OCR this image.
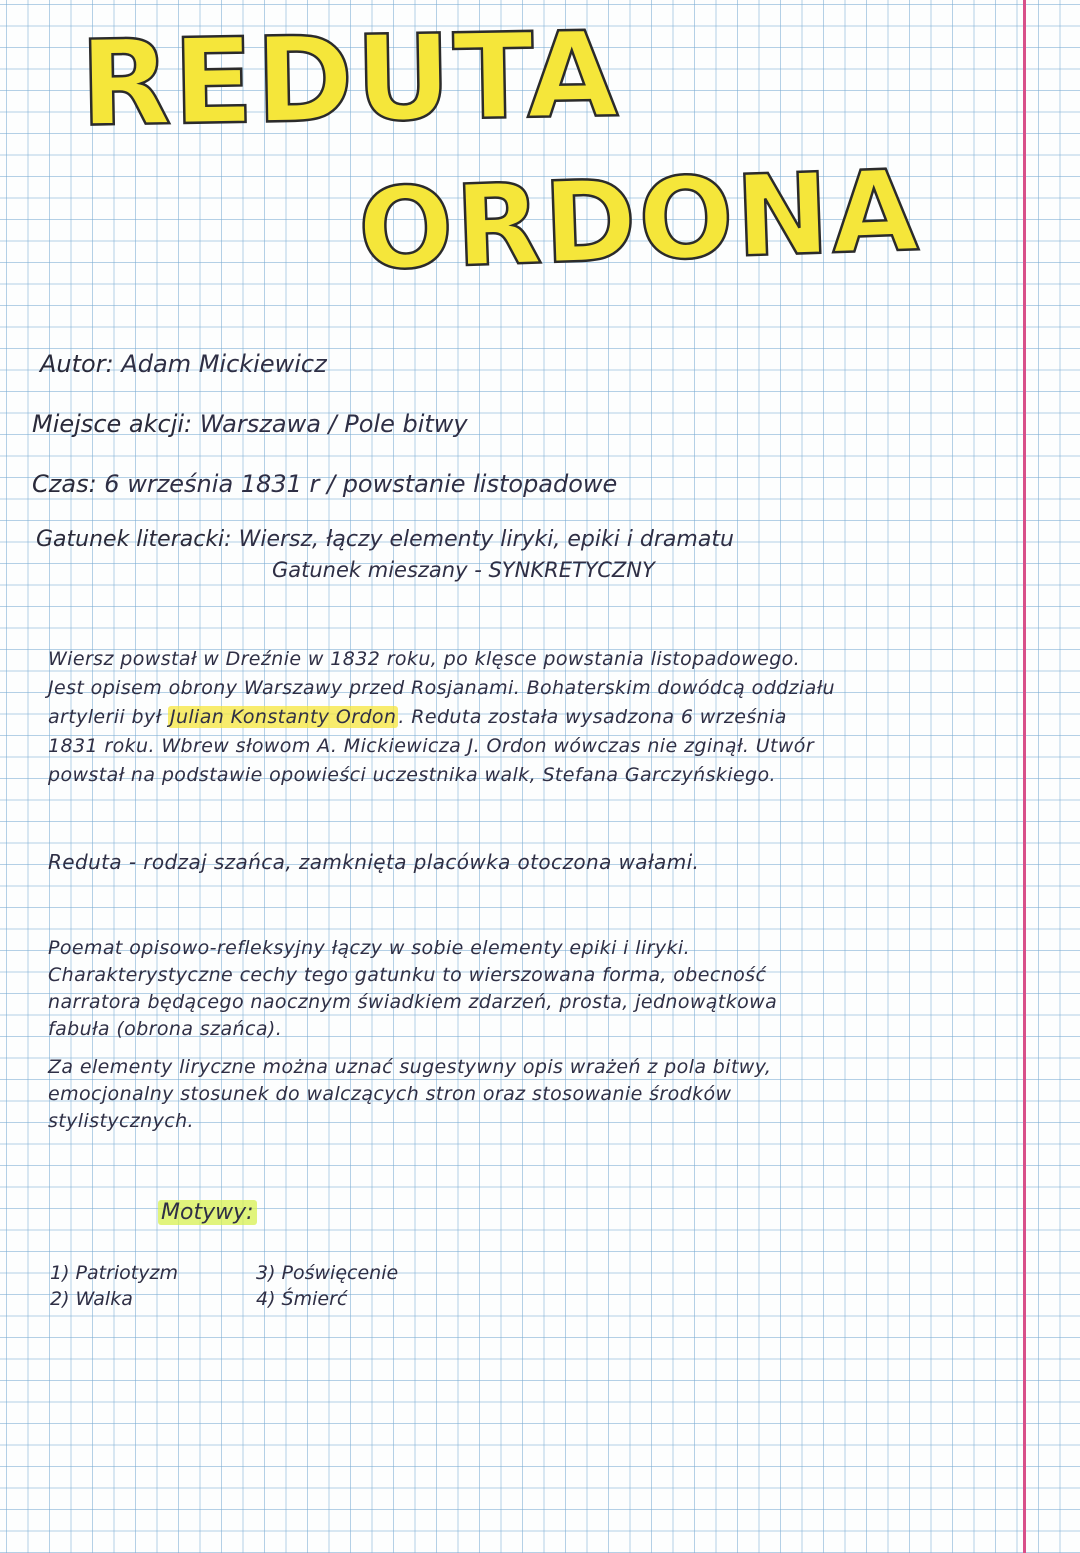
REDUTA
ORDONA
Autor: Adam Mickiewicz
Miejsce akcji: Warszawa / Pole bitwy
Czas: 6 września 1831 r / powstanie listopadowe
Gatunek literacki: Wiersz, łączy elementy liryki, epiki i dramatu
Gatunek mieszany - SYNKRETYCZNY
Wiersz powstał w Dreźnie w 1832 roku, po klęsce powstania listopadowego.
Jest opisem obrony Warszawy przed Rosjanami. Bohaterskim dowódcą oddziału
artylerii był Julian Konstanty Ordon . Reduta została wysadzona 6 września
1831 roku. Wbrew słowom A. Mickiewicza J. Ordon wówczas nie zginął. Utwór
powstał na podstawie opowieści uczestnika walk, Stefana Garczyńskiego.
Reduta - rodzaj szańca, zamknięta placówka otoczona wałami.
Poemat opisowo-refleksyjny łączy w sobie elementy epiki i liryki.
Charakterystyczne cechy tego gatunku to wierszowana forma, obecność
narratora będącego naocznym świadkiem zdarzeń, prosta, jednowątkowa
fabuła (obrona szańca).
Za elementy liryczne można uznać sugestywny opis wrażeń z pola bitwy,
emocjonalny stosunek do walczących stron oraz stosowanie środków
stylistycznych.
Motywy:
1) Patriotyzm
2) Walka
3) Poświęcenie
4) Śmierć
